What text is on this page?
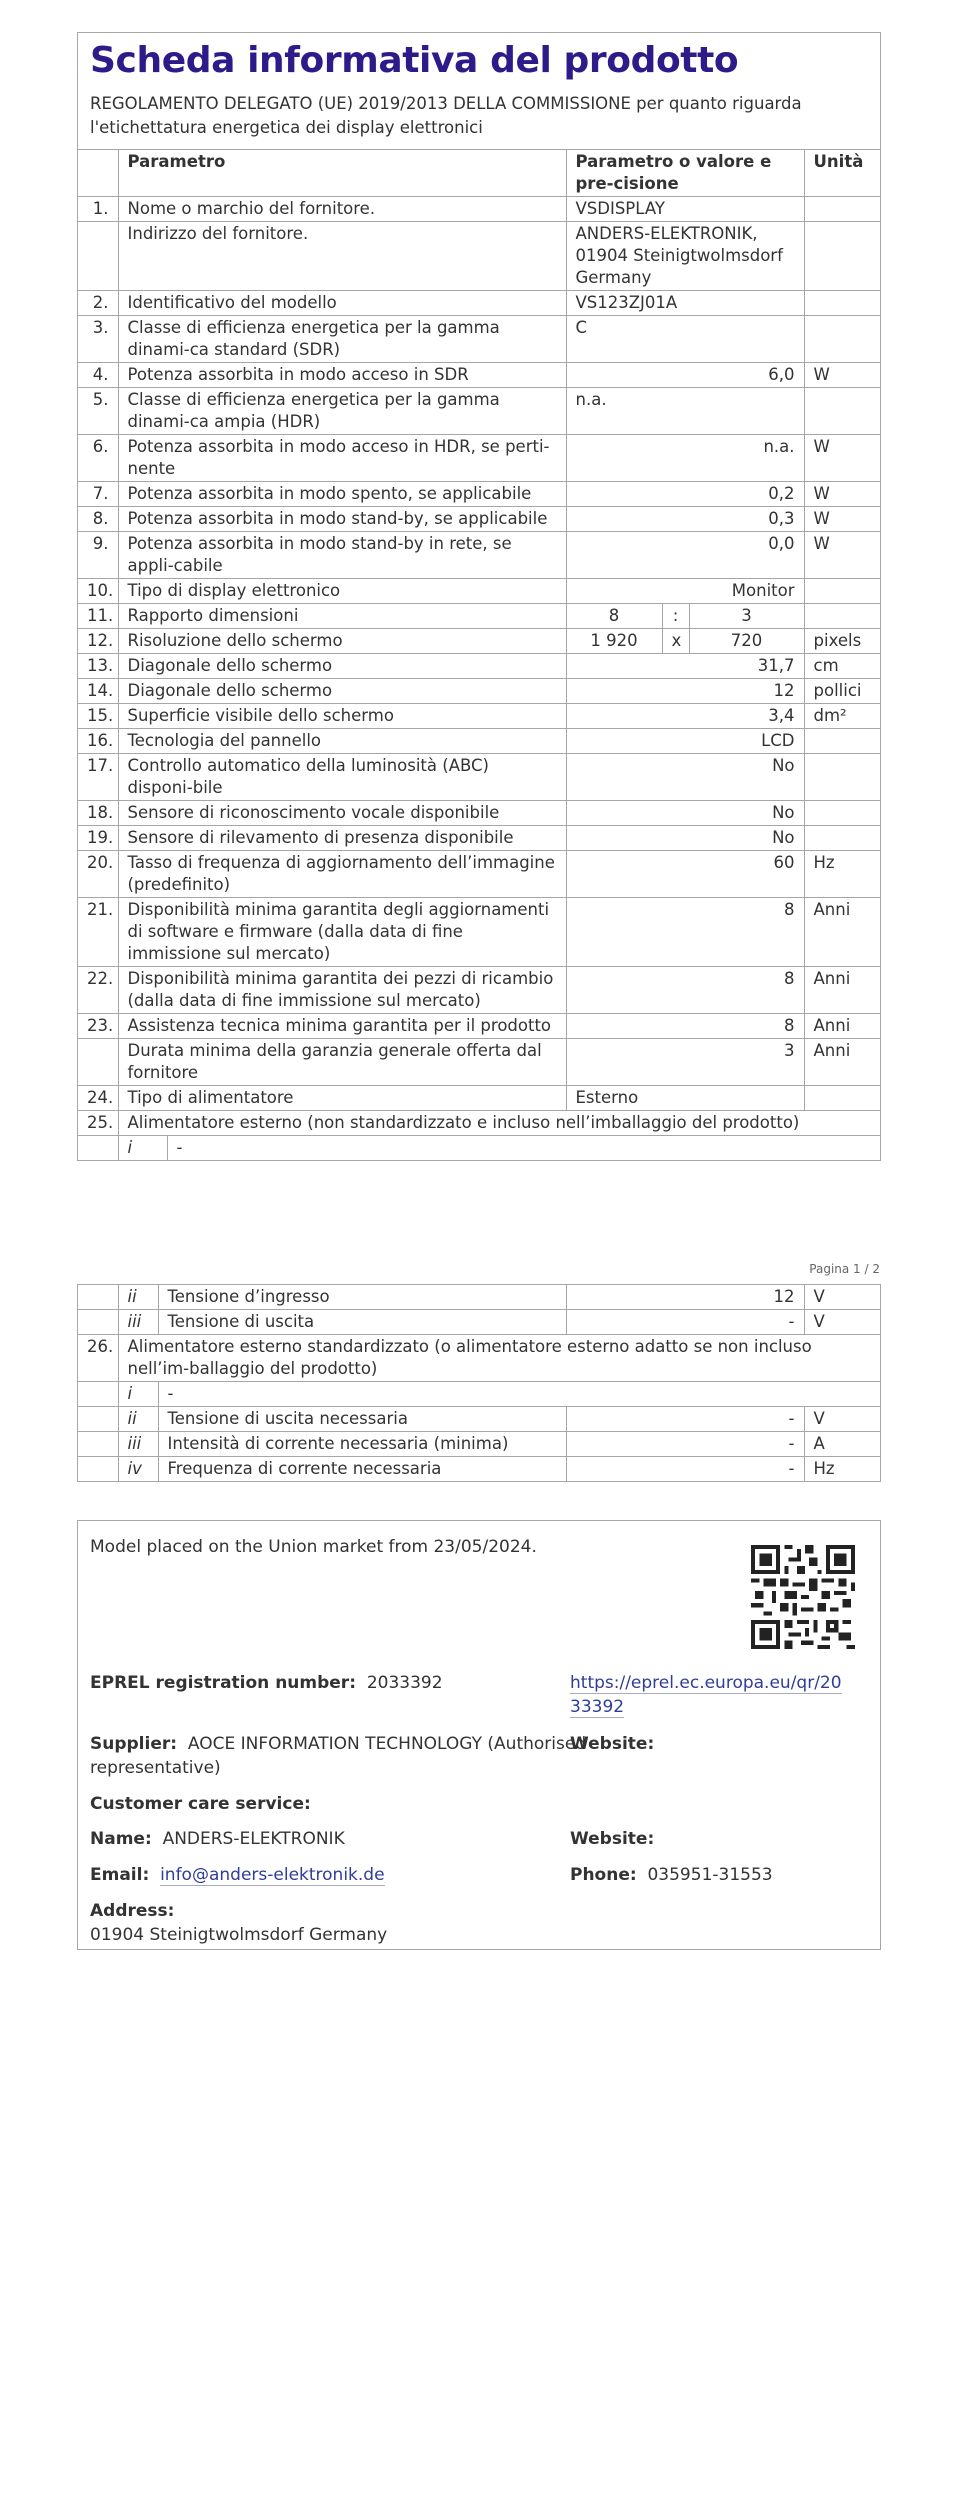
Scheda informativa del prodotto
REGOLAMENTO DELEGATO (UE) 2019/2013 DELLA COMMISSIONE per quanto riguarda l'etichettatura energetica dei display elettronici
	Parametro	Parametro o valore e pre-cisione			Unità
1.	Nome o marchio del fornitore.	VSDISPLAY			
	Indirizzo del fornitore.	ANDERS-ELEKTRONIK, 01904 Steinigtwolmsdorf Germany			
2.	Identificativo del modello	VS123ZJ01A			
3.	Classe di efficienza energetica per la gamma dinami-ca standard (SDR)	C			
4.	Potenza assorbita in modo acceso in SDR	6,0			W
5.	Classe di efficienza energetica per la gamma dinami-ca ampia (HDR)	n.a.			
6.	Potenza assorbita in modo acceso in HDR, se perti-nente	n.a.			W
7.	Potenza assorbita in modo spento, se applicabile	0,2			W
8.	Potenza assorbita in modo stand-by, se applicabile	0,3			W
9.	Potenza assorbita in modo stand-by in rete, se appli-cabile	0,0			W
10.	Tipo di display elettronico	Monitor			
11.	Rapporto dimensioni	8	:	3	
12.	Risoluzione dello schermo	1 920	x	720	pixels
13.	Diagonale dello schermo	31,7			cm
14.	Diagonale dello schermo	12			pollici
15.	Superficie visibile dello schermo	3,4			dm²
16.	Tecnologia del pannello	LCD			
17.	Controllo automatico della luminosità (ABC) disponi-bile	No			
18.	Sensore di riconoscimento vocale disponibile	No			
19.	Sensore di rilevamento di presenza disponibile	No			
20.	Tasso di frequenza di aggiornamento dell’immagine (predefinito)	60			Hz
21.	Disponibilità minima garantita degli aggiornamenti di software e firmware (dalla data di fine immissione sul mercato)	8			Anni
22.	Disponibilità minima garantita dei pezzi di ricambio (dalla data di fine immissione sul mercato)	8			Anni
23.	Assistenza tecnica minima garantita per il prodotto	8			Anni
	Durata minima della garanzia generale offerta dal fornitore	3			Anni
24.	Tipo di alimentatore	Esterno			
25.	Alimentatore esterno (non standardizzato e incluso nell’imballaggio del prodotto)				

	i -				
Pagina 1 / 2
	ii	Tensione d’ingresso	12	V
	iii	Tensione di uscita	-	V
26.	Alimentatore esterno standardizzato (o alimentatore esterno adatto se non incluso nell’im-ballaggio del prodotto)			
	i	-		
	ii	Tensione di uscita necessaria	-	V
	iii	Intensità di corrente necessaria (minima)	-	A
	iv	Frequenza di corrente necessaria	-	Hz
Model placed on the Union market from 23/05/2024.
EPREL registration number: 2033392	https://eprel.ec.europa.eu/qr/20
33392
Supplier: AOCE INFORMATION TECHNOLOGY (Authorised
representative)
Website:
Customer care service:
Name: ANDERS-ELEKTRONIK	Website:
Email: info@anders-elektronik.de	Phone: 035951-31553
Address:
01904 Steinigtwolmsdorf Germany
